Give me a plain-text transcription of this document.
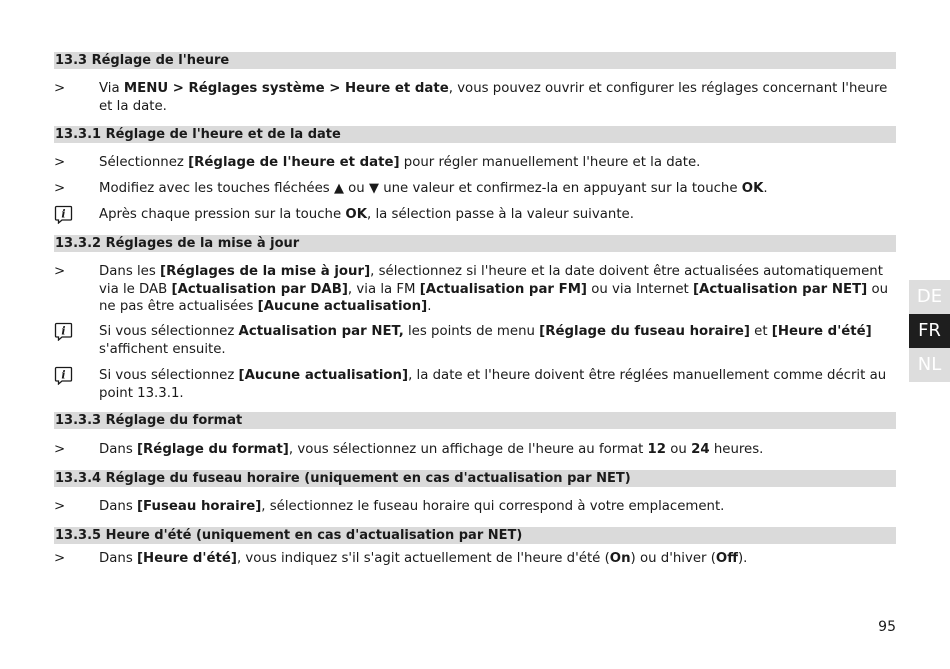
13.3 Réglage de l'heure
>	Via MENU > Réglages système > Heure et date, vous pouvez ouvrir et configurer les réglages concernant l'heure et la date.
13.3.1 Réglage de l'heure et de la date
>	Sélectionnez [Réglage de l'heure et date] pour régler manuellement l'heure et la date.
>	Modifiez avec les touches fléchées ▲ ou ▼ une valeur et confirmez-la en appuyant sur la touche OK.
i	Après chaque pression sur la touche OK, la sélection passe à la valeur suivante.
13.3.2 Réglages de la mise à jour
>	Dans les [Réglages de la mise à jour], sélectionnez si l'heure et la date doivent être actualisées automatiquement via le DAB [Actualisation par DAB], via la FM [Actualisation par FM] ou via Internet [Actualisation par NET] ou ne pas être actualisées [Aucune actualisation].
i	Si vous sélectionnez Actualisation par NET, les points de menu [Réglage du fuseau horaire] et [Heure d'été] s'affichent ensuite.
i	Si vous sélectionnez [Aucune actualisation], la date et l'heure doivent être réglées manuellement comme décrit au point 13.3.1.
13.3.3 Réglage du format
>	Dans [Réglage du format], vous sélectionnez un affichage de l'heure au format 12 ou 24 heures.
13.3.4 Réglage du fuseau horaire (uniquement en cas d'actualisation par NET)
>	Dans [Fuseau horaire], sélectionnez le fuseau horaire qui correspond à votre emplacement.
13.3.5 Heure d'été (uniquement en cas d'actualisation par NET)
>	Dans [Heure d'été], vous indiquez s'il s'agit actuellement de l'heure d'été (On) ou d'hiver (Off).
DE
FR
NL
95
